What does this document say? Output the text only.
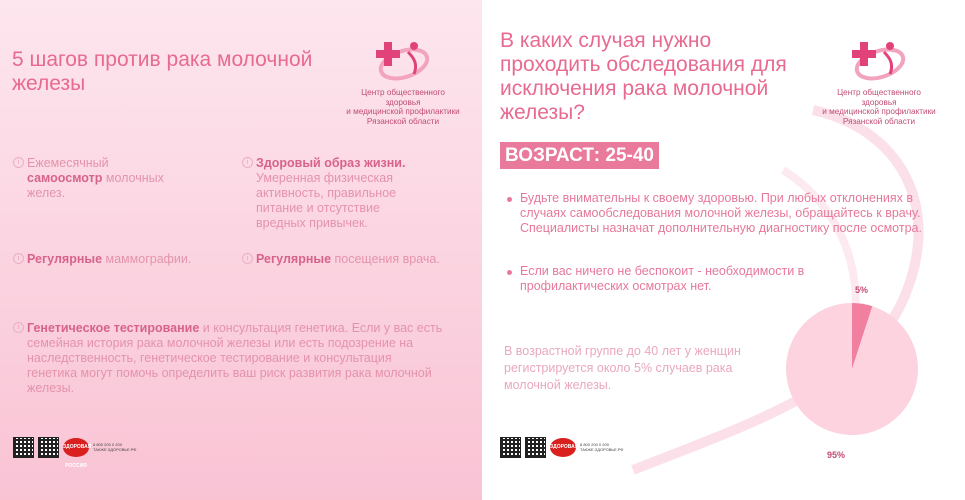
5 шагов против рака молочной железы	Центр общественного здоровья
и медицинской профилактики
Рязанской области
i Ежемесячный самоосмотр молочных желез.
i Здоровый образ жизни. Умеренная физическая активность, правильное питание и отсутствие вредных привычек.
i Регулярные маммографии.	i Регулярные посещения врача.
i Генетическое тестирование и консультация генетика. Если у вас есть семейная история рака молочной железы или есть подозрение на наследственность, генетическое тестирование и консультация генетика могут помочь определить ваш риск развития рака молочной железы.
ЗДОРОВАЯ РОССИЯ
8 800 200 0 200 ТАКЖЕ.ЗДОРОВЬЕ.РФ
В каких случая нужно проходить обследования для исключения рака молочной железы?
Центр общественного здоровья
и медицинской профилактики
Рязанской области
ВОЗРАСТ: 25-40
Будьте внимательны к своему здоровью. При любых отклонениях в случаях самообследования молочной железы, обращайтесь к врачу. Специалисты назначат дополнительную диагностику после осмотра.
Если вас ничего не беспокоит - необходимости в профилактических осмотрах нет.
В возрастной группе до 40 лет у женщин регистрируется около 5% случаев рака молочной железы.
5%
95%
ЗДОРОВАЯ РОССИЯ
8 800 200 0 200 ТАКЖЕ.ЗДОРОВЬЕ.РФ
